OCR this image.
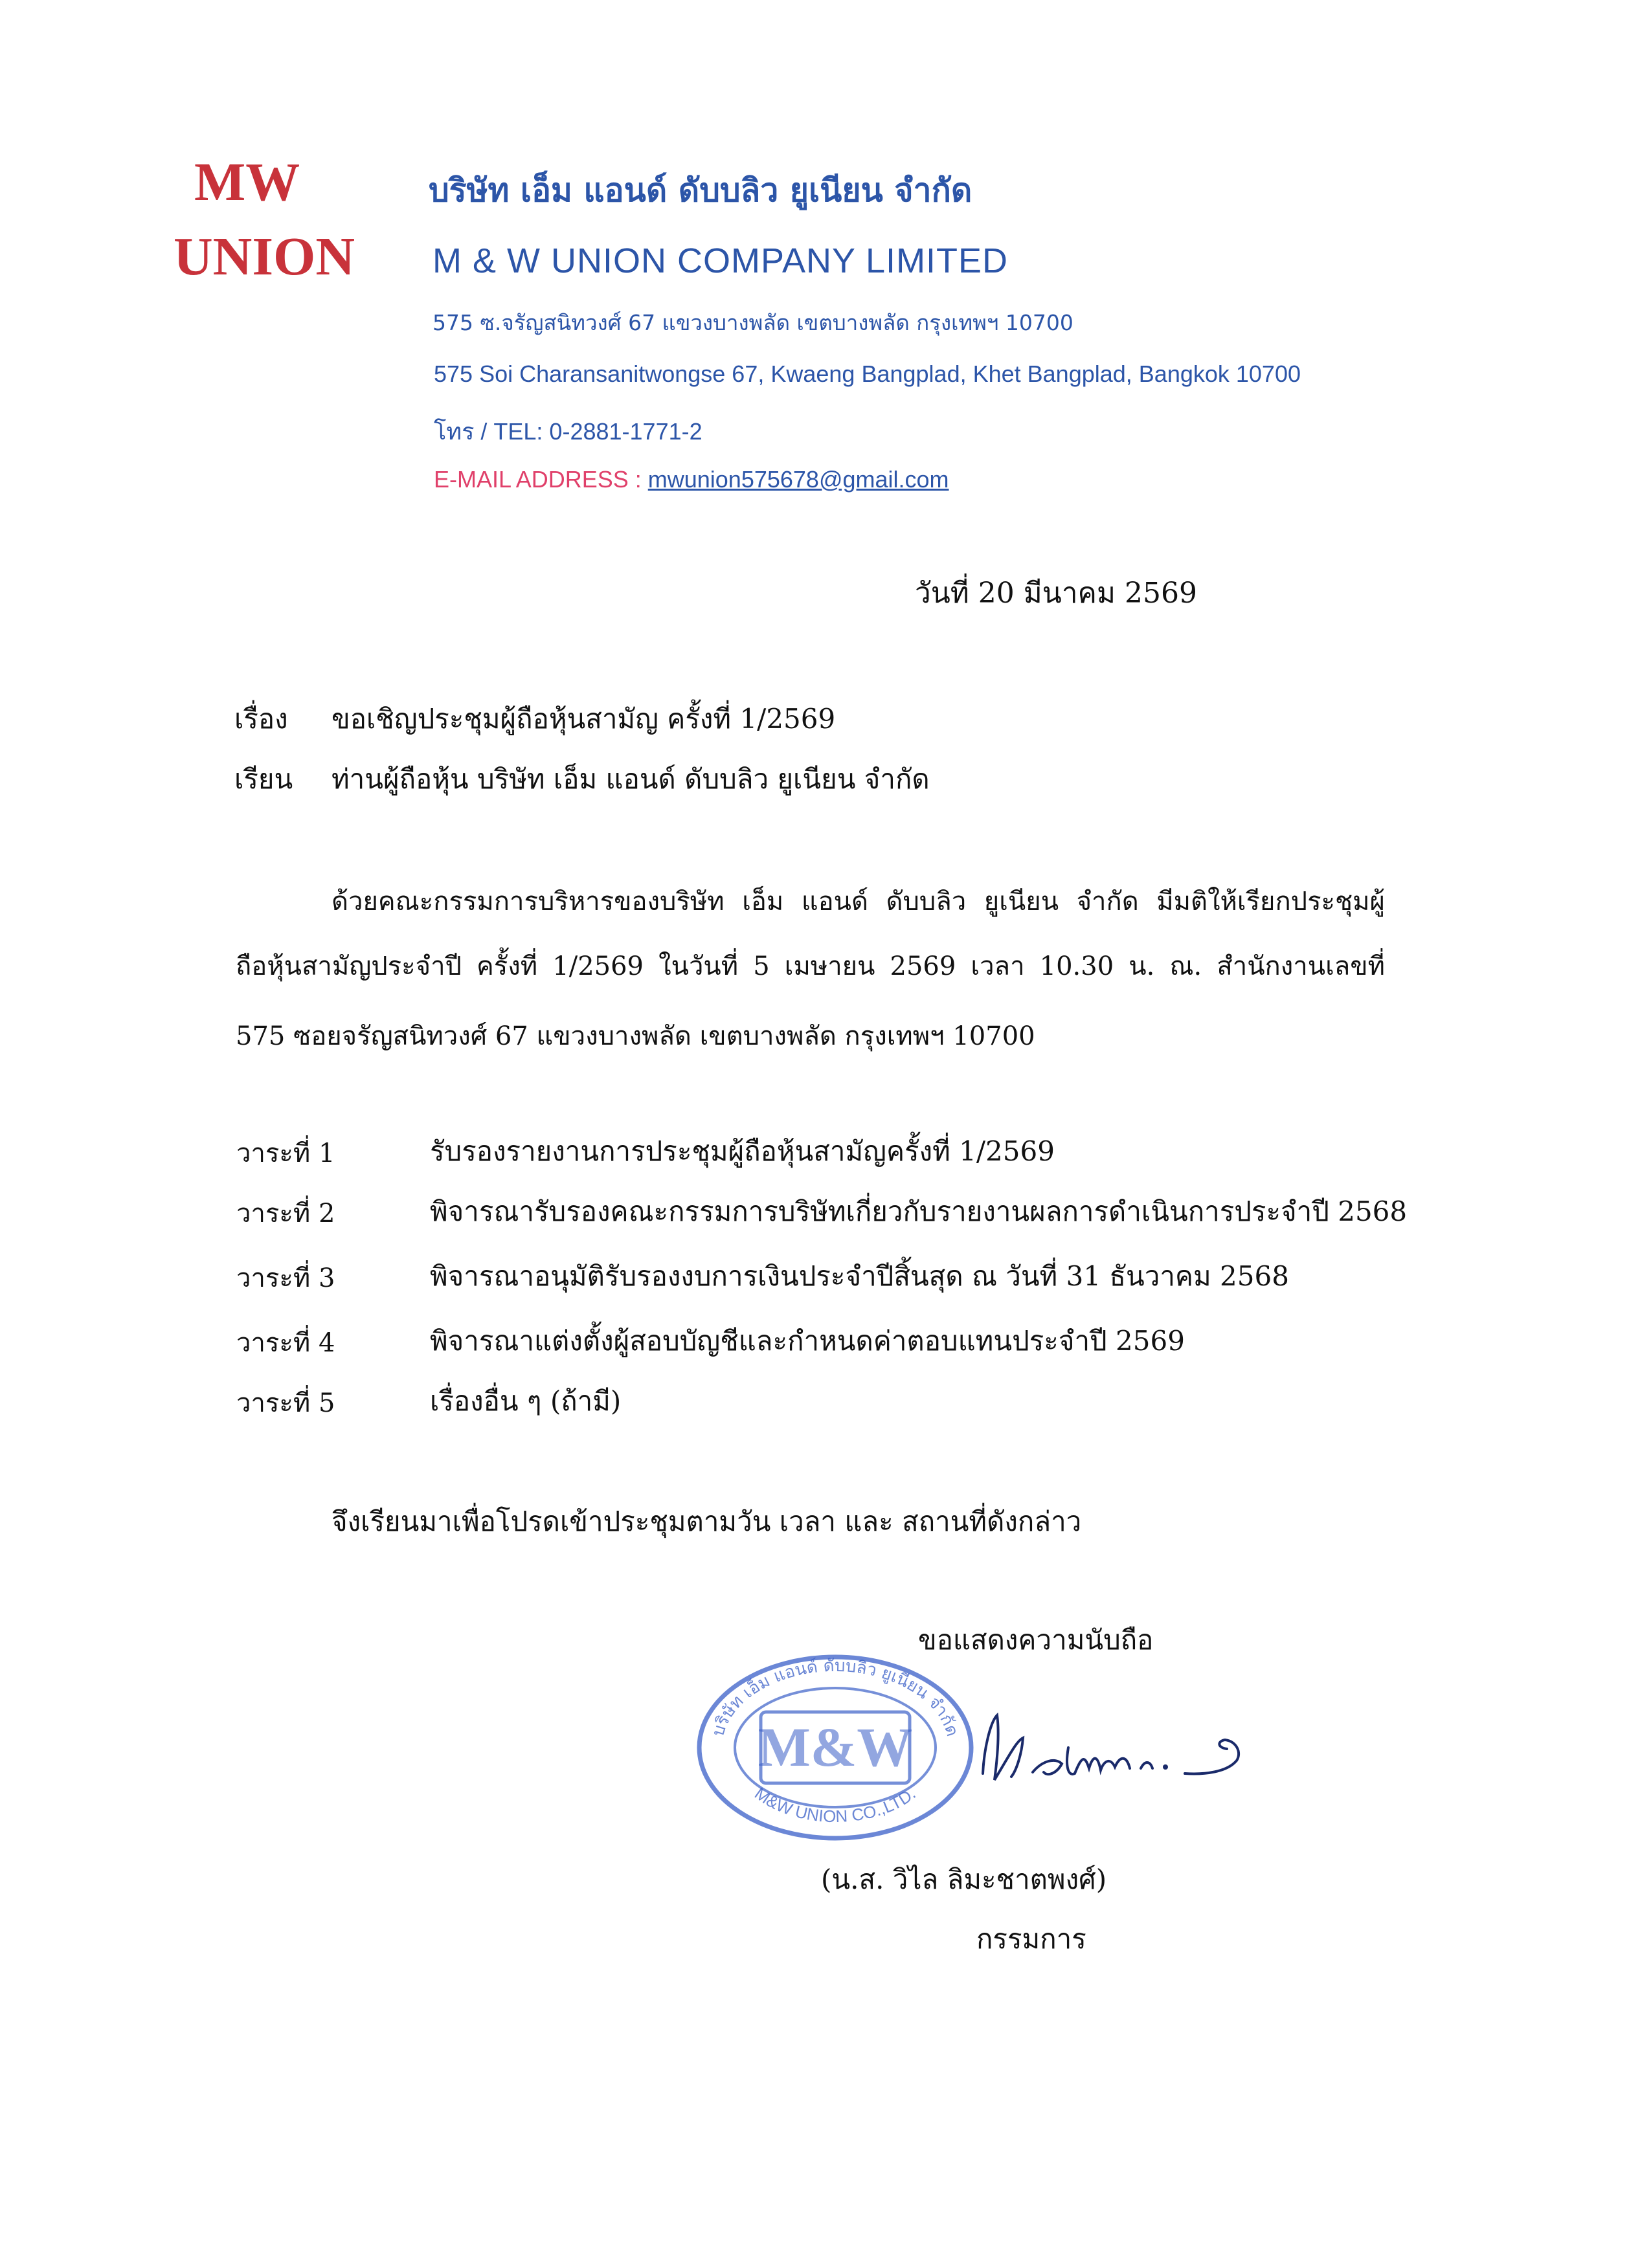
MW
UNION
บริษัท เอ็ม แอนด์ ดับบลิว ยูเนียน จำกัด
M & W UNION COMPANY LIMITED
575 ซ.จรัญสนิทวงศ์ 67 แขวงบางพลัด เขตบางพลัด กรุงเทพฯ 10700
575 Soi Charansanitwongse 67, Kwaeng Bangplad, Khet Bangplad, Bangkok 10700
โทร / TEL: 0-2881-1771-2
E-MAIL ADDRESS : mwunion575678@gmail.com
วันที่ 20 มีนาคม 2569
เรื่อง ขอเชิญประชุมผู้ถือหุ้นสามัญ ครั้งที่ 1/2569
เรียน ท่านผู้ถือหุ้น บริษัท เอ็ม แอนด์ ดับบลิว ยูเนียน จำกัด
ด้วยคณะกรรมการบริหารของบริษัท เอ็ม แอนด์ ดับบลิว ยูเนียน จำกัด มีมติให้เรียกประชุมผู้
ถือหุ้นสามัญประจำปี ครั้งที่ 1/2569 ในวันที่ 5 เมษายน 2569 เวลา 10.30 น. ณ. สำนักงานเลขที่
575 ซอยจรัญสนิทวงศ์ 67 แขวงบางพลัด เขตบางพลัด กรุงเทพฯ 10700
วาระที่ 1	รับรองรายงานการประชุมผู้ถือหุ้นสามัญครั้งที่ 1/2569
วาระที่ 2	พิจารณารับรองคณะกรรมการบริษัทเกี่ยวกับรายงานผลการดำเนินการประจำปี 2568
วาระที่ 3	พิจารณาอนุมัติรับรองงบการเงินประจำปีสิ้นสุด ณ วันที่ 31 ธันวาคม 2568
วาระที่ 4	พิจารณาแต่งตั้งผู้สอบบัญชีและกำหนดค่าตอบแทนประจำปี 2569
วาระที่ 5	เรื่องอื่น ๆ (ถ้ามี)
จึงเรียนมาเพื่อโปรดเข้าประชุมตามวัน เวลา และ สถานที่ดังกล่าว
ขอแสดงความนับถือ
บริษัท เอ็ม แอนด์ ดับบลิว ยูเนียน จำกัด
M&W UNION CO.,LTD.
M&W
(น.ส. วิไล ลิมะชาตพงศ์)
กรรมการ
